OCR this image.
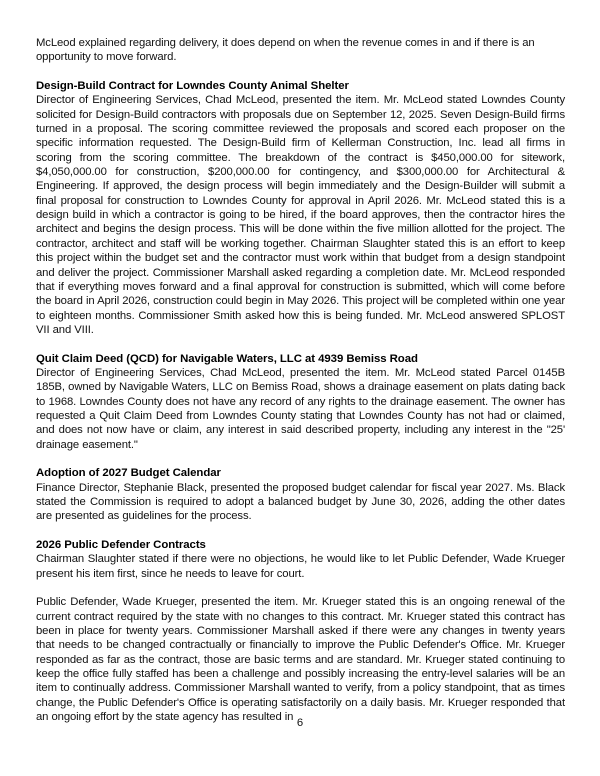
McLeod explained regarding delivery, it does depend on when the revenue comes in and if there is an opportunity to move forward.

Design-Build Contract for Lowndes County Animal Shelter

Director of Engineering Services, Chad McLeod, presented the item. Mr. McLeod stated Lowndes County solicited for Design-Build contractors with proposals due on September 12, 2025. Seven Design-Build firms turned in a proposal. The scoring committee reviewed the proposals and scored each proposer on the specific information requested. The Design-Build firm of Kellerman Construction, Inc. lead all firms in scoring from the scoring committee. The breakdown of the contract is $450,000.00 for sitework, $4,050,000.00 for construction, $200,000.00 for contingency, and $300,000.00 for Architectural & Engineering. If approved, the design process will begin immediately and the Design-Builder will submit a final proposal for construction to Lowndes County for approval in April 2026. Mr. McLeod stated this is a design build in which a contractor is going to be hired, if the board approves, then the contractor hires the architect and begins the design process. This will be done within the five million allotted for the project. The contractor, architect and staff will be working together. Chairman Slaughter stated this is an effort to keep this project within the budget set and the contractor must work within that budget from a design standpoint and deliver the project. Commissioner Marshall asked regarding a completion date. Mr. McLeod responded that if everything moves forward and a final approval for construction is submitted, which will come before the board in April 2026, construction could begin in May 2026. This project will be completed within one year to eighteen months. Commissioner Smith asked how this is being funded. Mr. McLeod answered SPLOST VII and VIII.

Quit Claim Deed (QCD) for Navigable Waters, LLC at 4939 Bemiss Road

Director of Engineering Services, Chad McLeod, presented the item. Mr. McLeod stated Parcel 0145B 185B, owned by Navigable Waters, LLC on Bemiss Road, shows a drainage easement on plats dating back to 1968. Lowndes County does not have any record of any rights to the drainage easement. The owner has requested a Quit Claim Deed from Lowndes County stating that Lowndes County has not had or claimed, and does not now have or claim, any interest in said described property, including any interest in the "25' drainage easement."

Adoption of 2027 Budget Calendar

Finance Director, Stephanie Black, presented the proposed budget calendar for fiscal year 2027. Ms. Black stated the Commission is required to adopt a balanced budget by June 30, 2026, adding the other dates are presented as guidelines for the process.

2026 Public Defender Contracts

Chairman Slaughter stated if there were no objections, he would like to let Public Defender, Wade Krueger present his item first, since he needs to leave for court.

Public Defender, Wade Krueger, presented the item. Mr. Krueger stated this is an ongoing renewal of the current contract required by the state with no changes to this contract. Mr. Krueger stated this contract has been in place for twenty years. Commissioner Marshall asked if there were any changes in twenty years that needs to be changed contractually or financially to improve the Public Defender's Office. Mr. Krueger responded as far as the contract, those are basic terms and are standard. Mr. Krueger stated continuing to keep the office fully staffed has been a challenge and possibly increasing the entry-level salaries will be an item to continually address. Commissioner Marshall wanted to verify, from a policy standpoint, that as times change, the Public Defender's Office is operating satisfactorily on a daily basis. Mr. Krueger responded that an ongoing effort by the state agency has resulted in 6
